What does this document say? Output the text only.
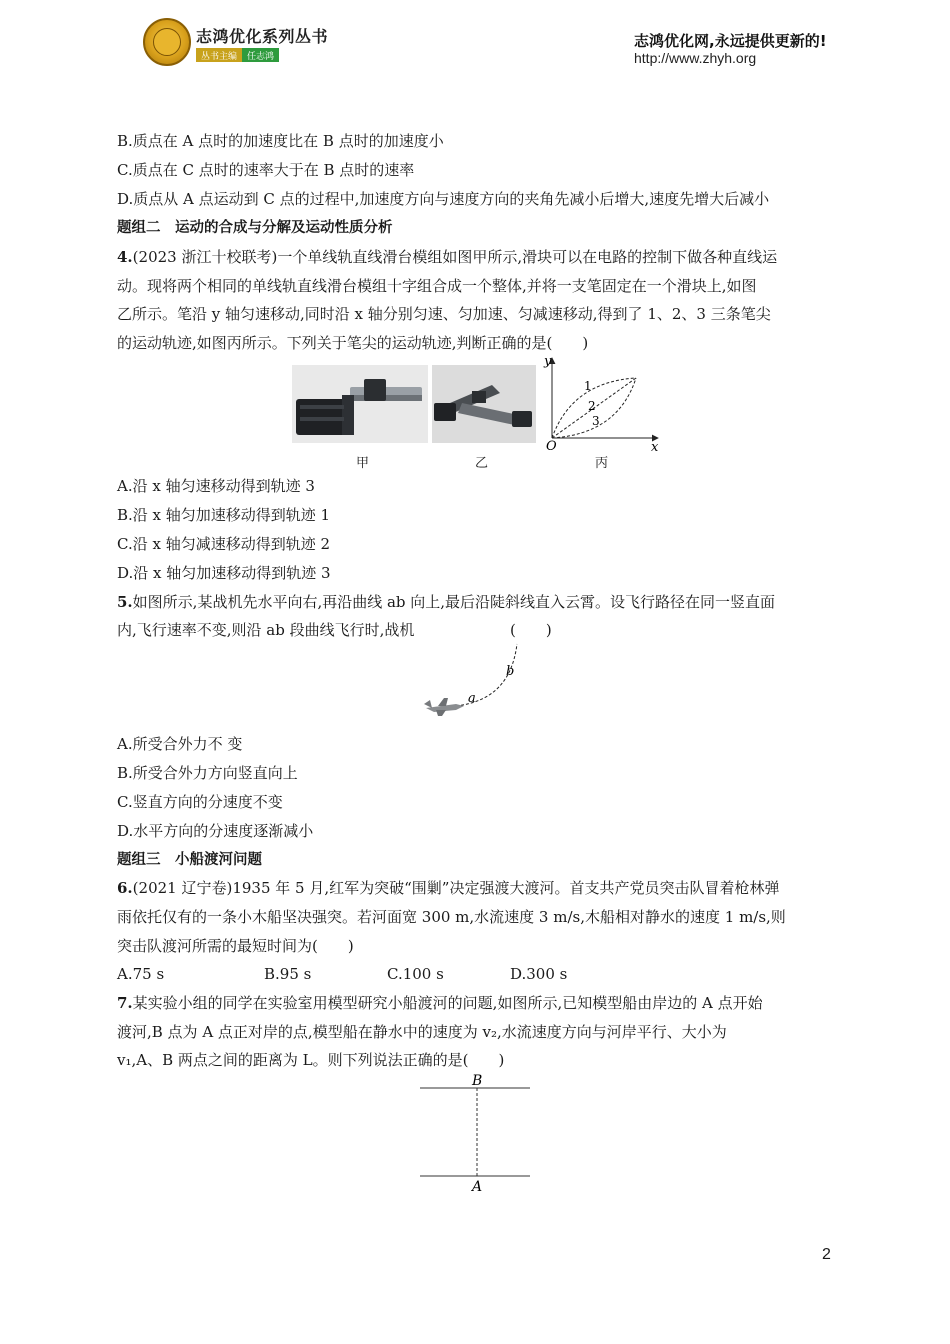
志鸿优化系列丛书
丛书主编	任志鸿
志鸿优化网,永远提供更新的!
http://www.zhyh.org
B.质点在 A 点时的加速度比在 B 点时的加速度小
C.质点在 C 点时的速率大于在 B 点时的速率
D.质点从 A 点运动到 C 点的过程中,加速度方向与速度方向的夹角先减小后增大,速度先增大后减小
题组二　运动的合成与分解及运动性质分析
4.(2023 浙江十校联考)一个单线轨直线滑台模组如图甲所示,滑块可以在电路的控制下做各种直线运
动。现将两个相同的单线轨直线滑台模组十字组合成一个整体,并将一支笔固定在一个滑块上,如图
乙所示。笔沿 y 轴匀速移动,同时沿 x 轴分别匀速、匀加速、匀减速移动,得到了 1、2、3 三条笔尖
的运动轨迹,如图丙所示。下列关于笔尖的运动轨迹,判断正确的是(　　)
甲	乙
y
x
O
1
2
3
丙
A.沿 x 轴匀速移动得到轨迹 3
B.沿 x 轴匀加速移动得到轨迹 1
C.沿 x 轴匀减速移动得到轨迹 2
D.沿 x 轴匀加速移动得到轨迹 3
5.如图所示,某战机先水平向右,再沿曲线 ab 向上,最后沿陡斜线直入云霄。设飞行路径在同一竖直面
内,飞行速率不变,则沿 ab 段曲线飞行时,战机	(　　)
a
b
A.所受合外力不 变
B.所受合外力方向竖直向上
C.竖直方向的分速度不变
D.水平方向的分速度逐渐减小
题组三　小船渡河问题
6.(2021 辽宁卷)1935 年 5 月,红军为突破“围剿”决定强渡大渡河。首支共产党员突击队冒着枪林弹
雨依托仅有的一条小木船坚决强突。若河面宽 300 m,水流速度 3 m/s,木船相对静水的速度 1 m/s,则
突击队渡河所需的最短时间为(　　)
A.75 s	B.95 s	C.100 s	D.300 s
7.某实验小组的同学在实验室用模型研究小船渡河的问题,如图所示,已知模型船由岸边的 A 点开始
渡河,B 点为 A 点正对岸的点,模型船在静水中的速度为 v₂,水流速度方向与河岸平行、大小为
v₁,A、B 两点之间的距离为 L。则下列说法正确的是(　　)
B
A
2
